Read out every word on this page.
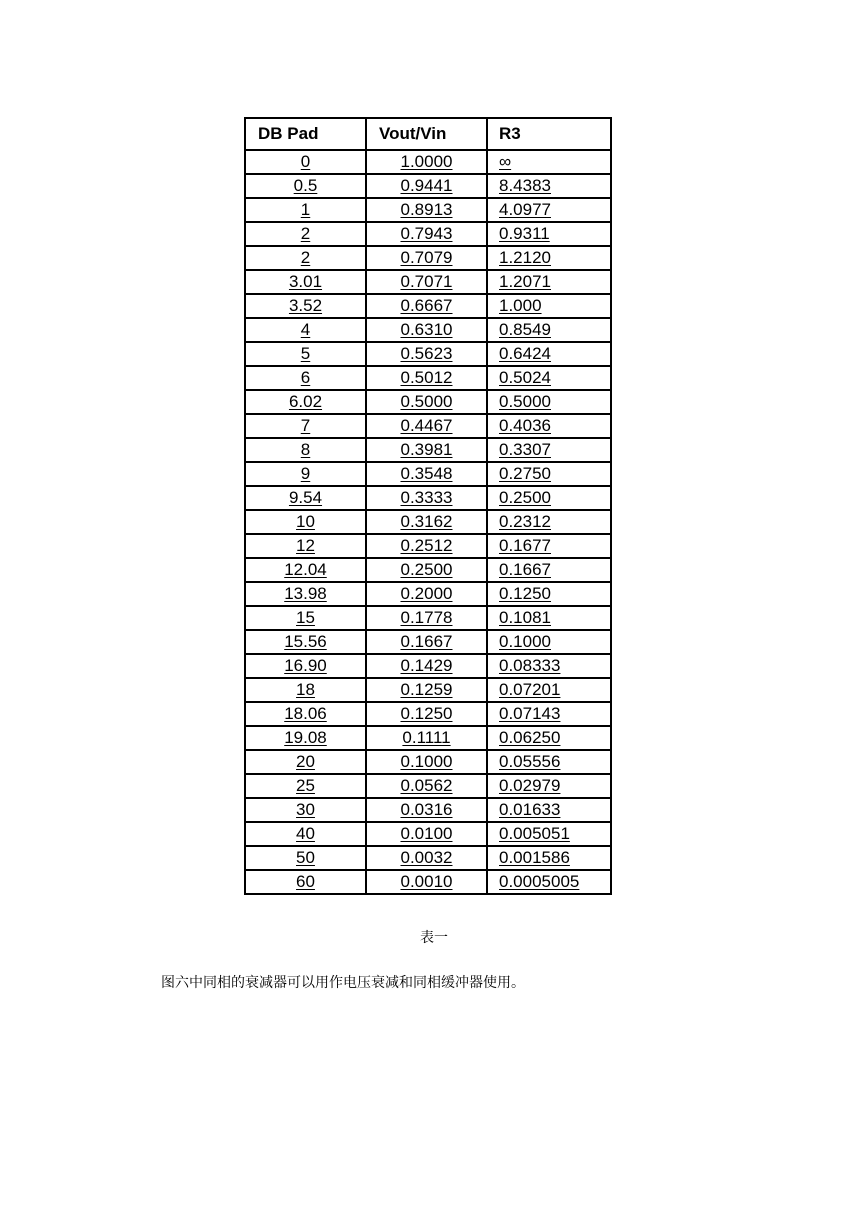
DB Pad	Vout/Vin	R3
0	1.0000	∞
0.5	0.9441	8.4383
1	0.8913	4.0977
2	0.7943	0.9311
2	0.7079	1.2120
3.01	0.7071	1.2071
3.52	0.6667	1.000
4	0.6310	0.8549
5	0.5623	0.6424
6	0.5012	0.5024
6.02	0.5000	0.5000
7	0.4467	0.4036
8	0.3981	0.3307
9	0.3548	0.2750
9.54	0.3333	0.2500
10	0.3162	0.2312
12	0.2512	0.1677
12.04	0.2500	0.1667
13.98	0.2000	0.1250
15	0.1778	0.1081
15.56	0.1667	0.1000
16.90	0.1429	0.08333
18	0.1259	0.07201
18.06	0.1250	0.07143
19.08	0.1111	0.06250
20	0.1000	0.05556
25	0.0562	0.02979
30	0.0316	0.01633
40	0.0100	0.005051
50	0.0032	0.001586
60	0.0010	0.0005005
表一
图六中同相的衰减器可以用作电压衰减和同相缓冲器使用。
